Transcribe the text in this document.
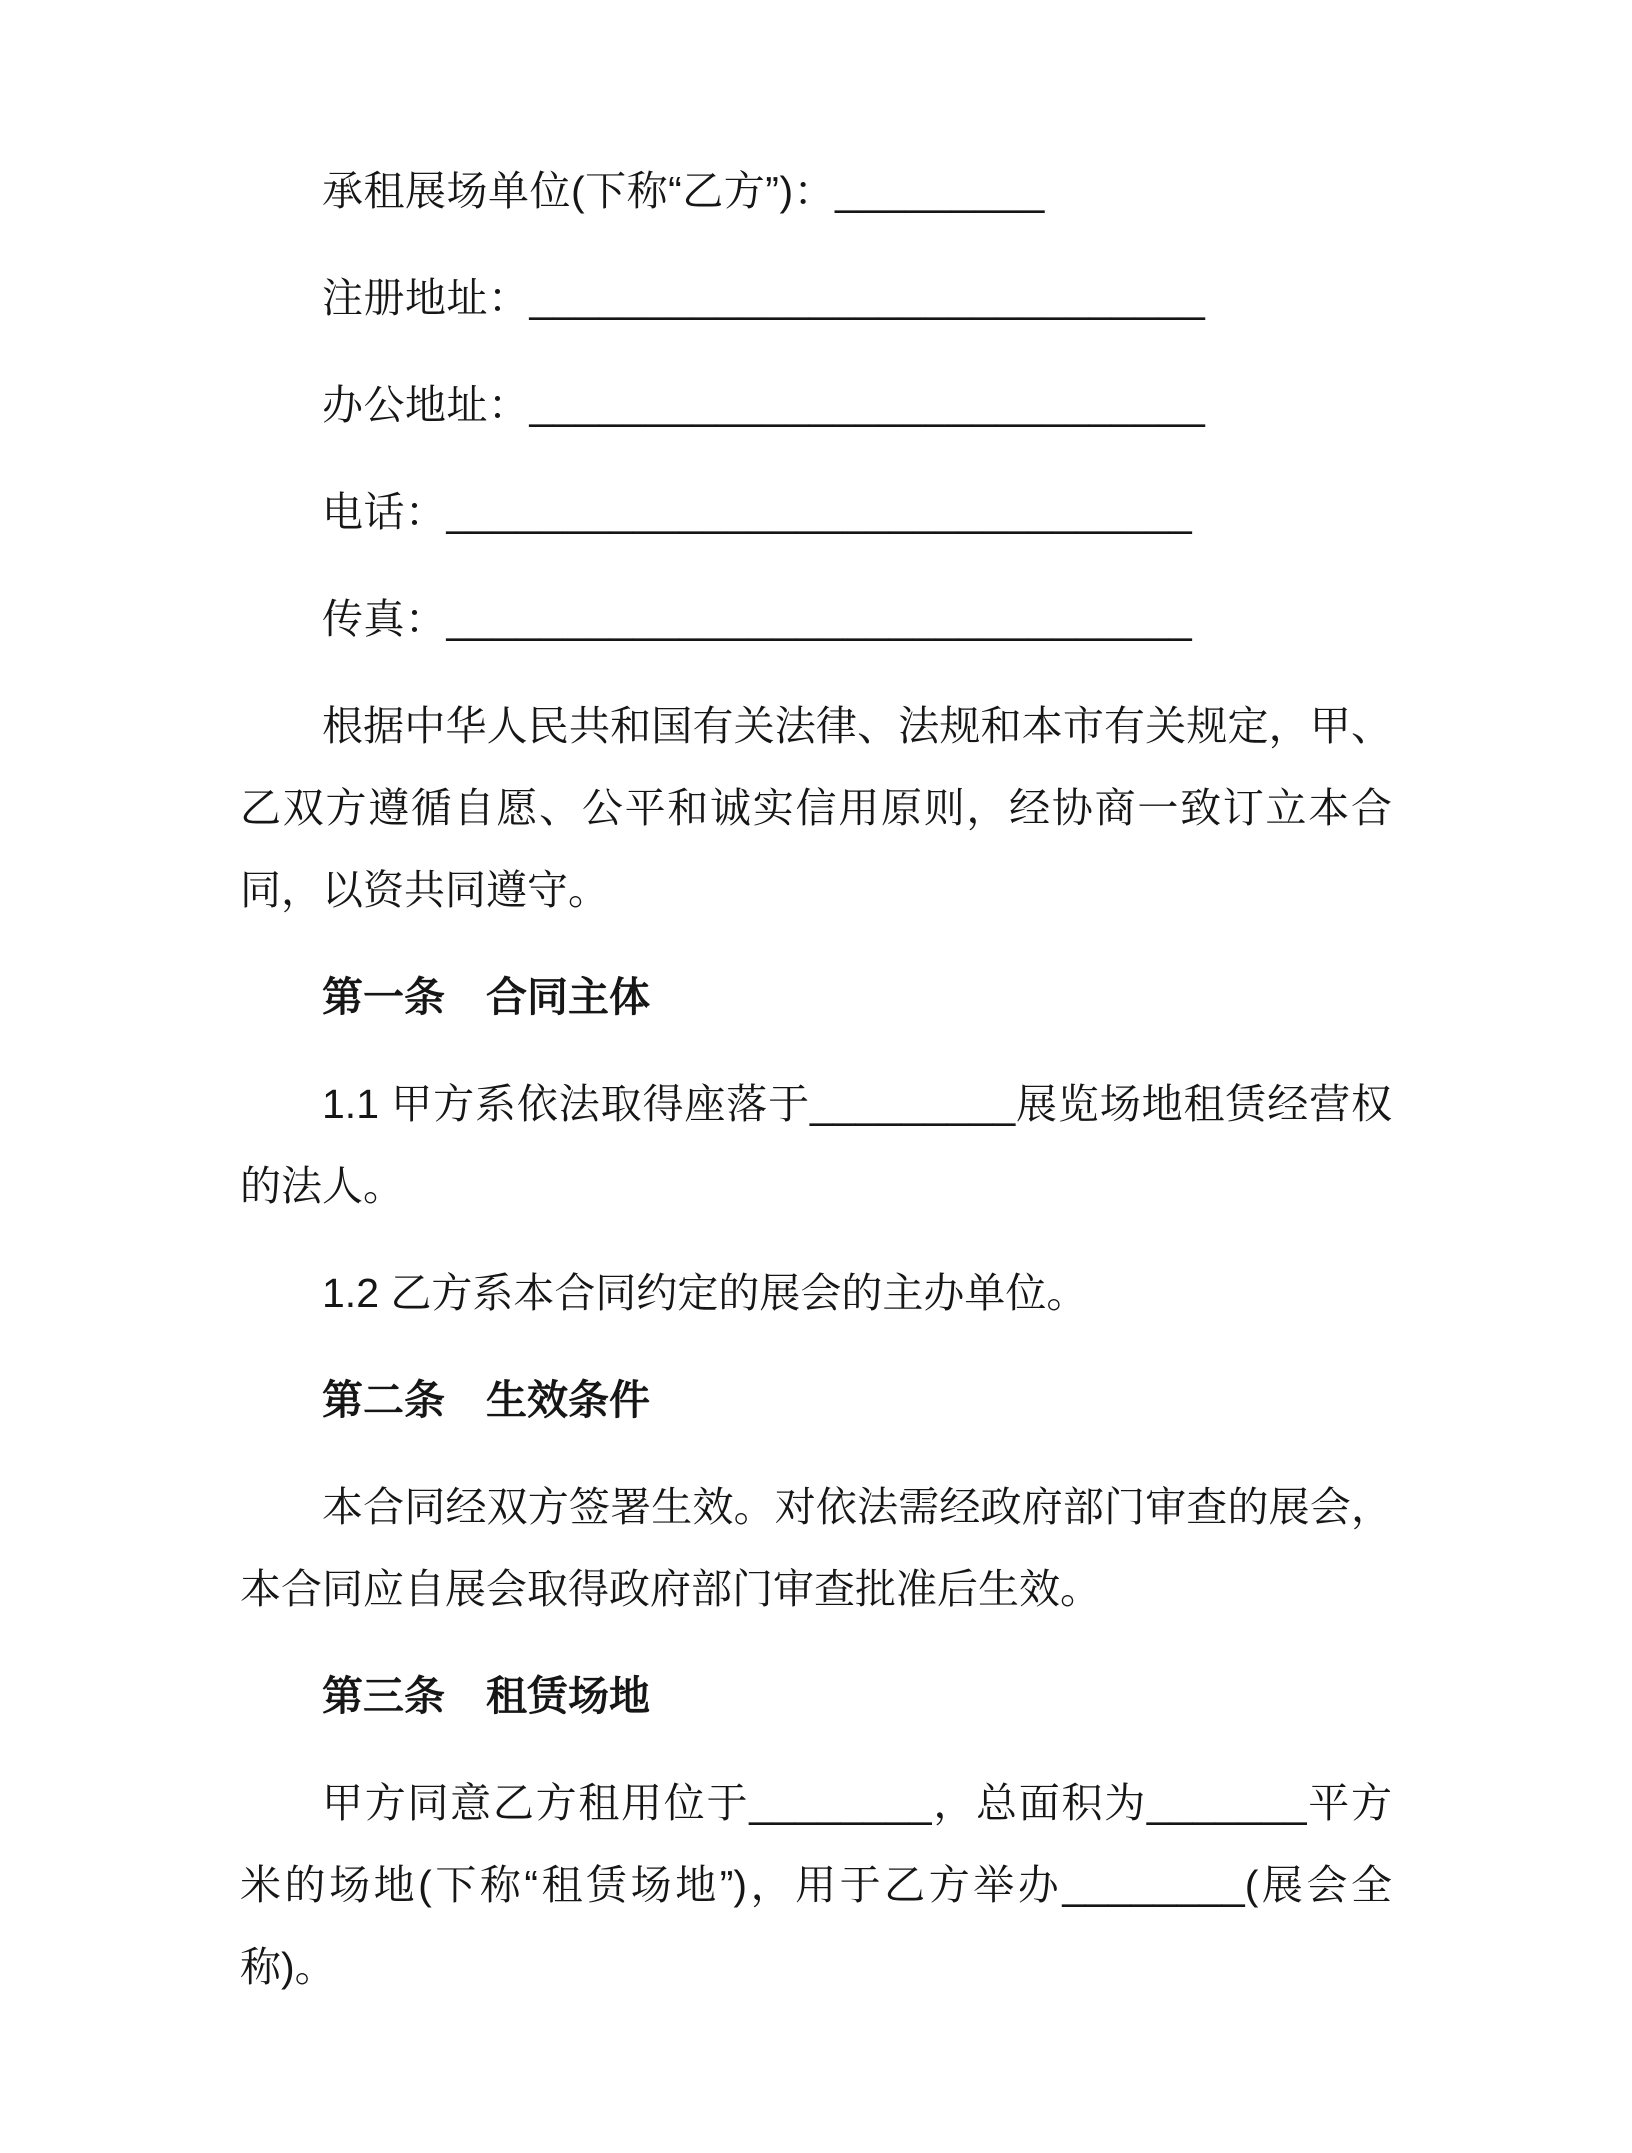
承租展场单位(下称“乙方”)：_________

注册地址：_____________________________

办公地址：_____________________________

电话：________________________________

传真：________________________________

根据中华人民共和国有关法律、法规和本市有关规定，甲、乙双方遵循自愿、公平和诚实信用原则，经协商一致订立本合同，以资共同遵守。

第一条　合同主体

1.1 甲方系依法取得座落于_________展览场地租赁经营权的法人。

1.2 乙方系本合同约定的展会的主办单位。

第二条　生效条件

本合同经双方签署生效。对依法需经政府部门审查的展会，本合同应自展会取得政府部门审查批准后生效。

第三条　租赁场地

甲方同意乙方租用位于________，总面积为_______平方米的场地(下称“租赁场地”)，用于乙方举办________(展会全称)。
